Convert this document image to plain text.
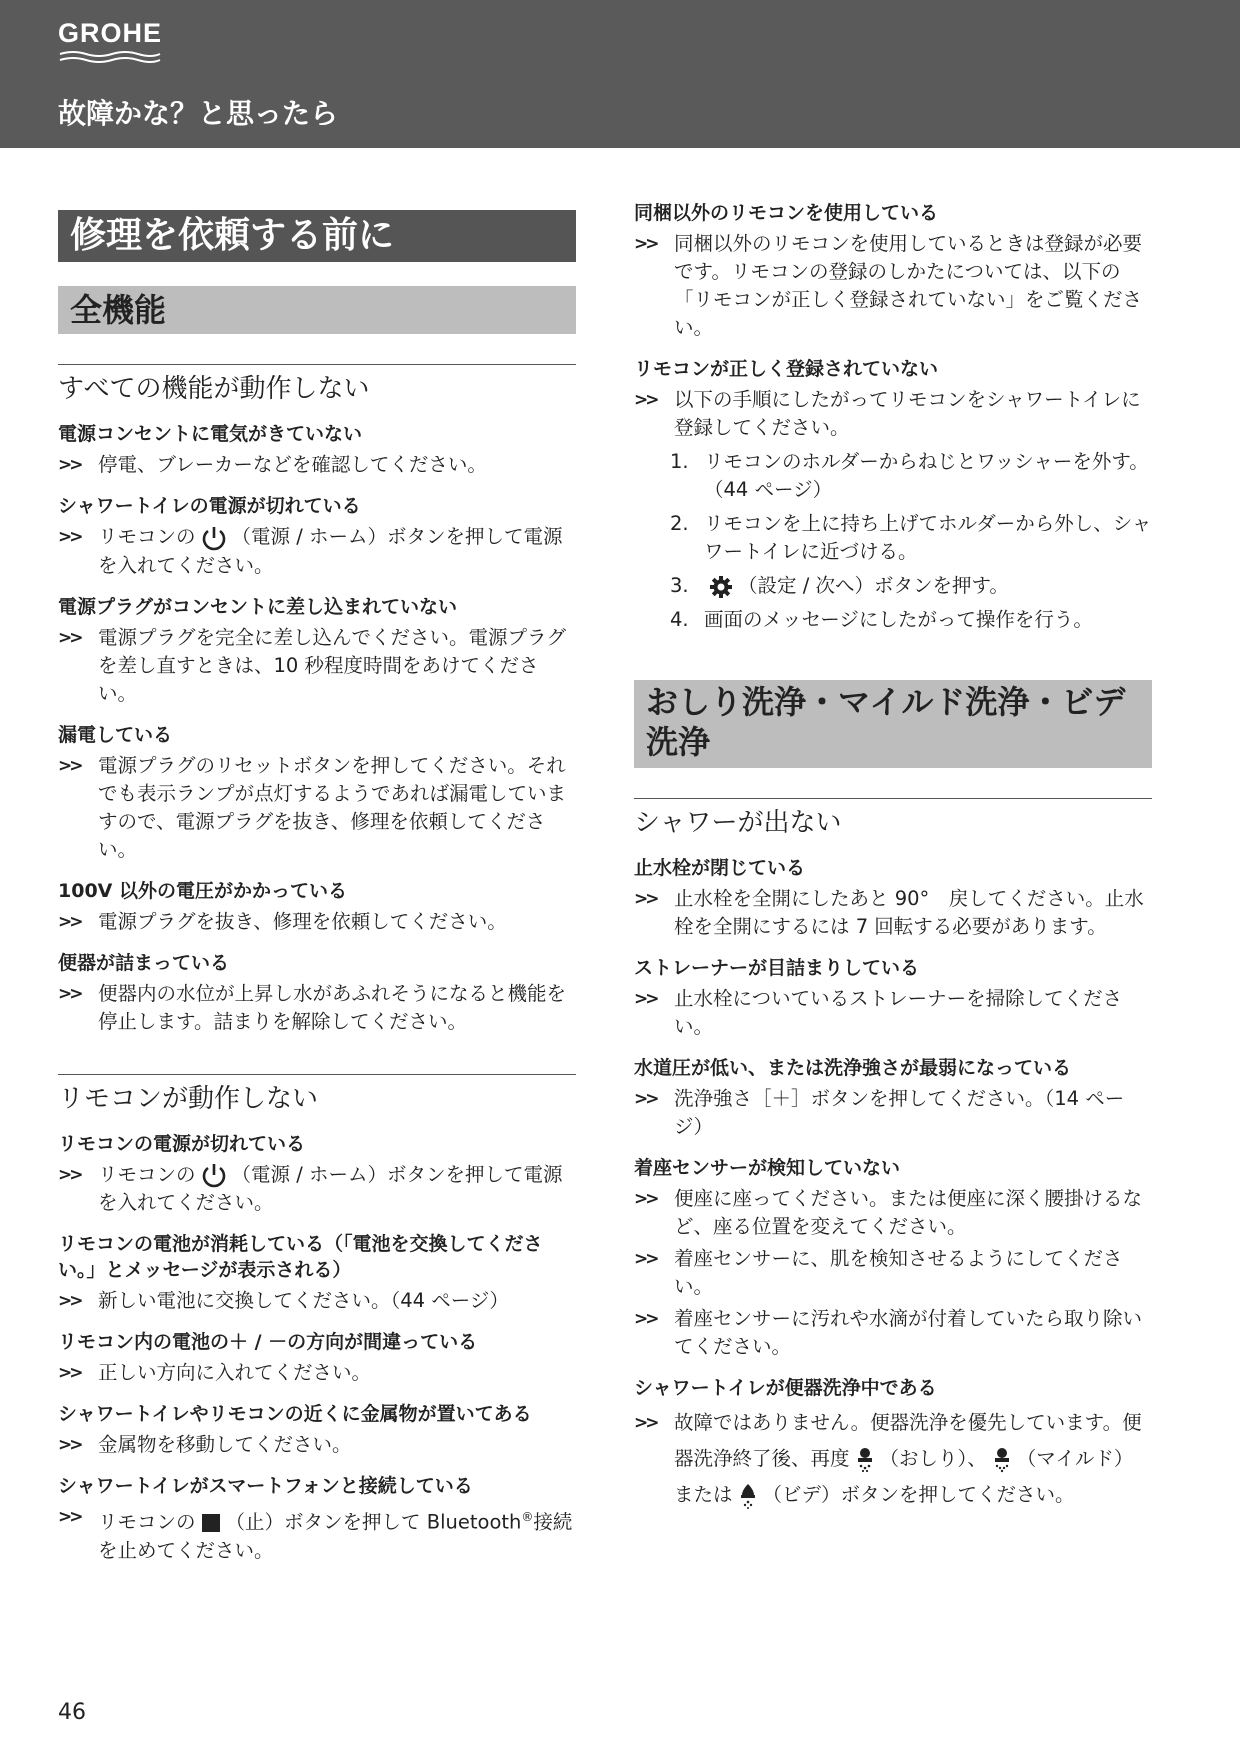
GROHE
故障かな？と思ったら
修理を依頼する前に
全機能
すべての機能が動作しない
電源コンセントに電気がきていない
>> 停電、ブレーカーなどを確認してください。
シャワートイレの電源が切れている
>> リモコンの （電源 / ホーム）ボタンを押して電源を入れてください。
電源プラグがコンセントに差し込まれていない
>> 電源プラグを完全に差し込んでください。電源プラグを差し直すときは、10 秒程度時間をあけてください。
漏電している
>> 電源プラグのリセットボタンを押してください。それでも表示ランプが点灯するようであれば漏電していますので、電源プラグを抜き、修理を依頼してください。
100V 以外の電圧がかかっている
>> 電源プラグを抜き、修理を依頼してください。
便器が詰まっている
>> 便器内の水位が上昇し水があふれそうになると機能を停止します。詰まりを解除してください。
リモコンが動作しない
リモコンの電源が切れている
>> リモコンの （電源 / ホーム）ボタンを押して電源を入れてください。
リモコンの電池が消耗している（「電池を交換してください。」とメッセージが表示される）
>> 新しい電池に交換してください。（44 ページ）
リモコン内の電池の＋ / －の方向が間違っている
>> 正しい方向に入れてください。
シャワートイレやリモコンの近くに金属物が置いてある
>> 金属物を移動してください。
シャワートイレがスマートフォンと接続している
>> リモコンの （止）ボタンを押して Bluetooth®接続を止めてください。
同梱以外のリモコンを使用している
>> 同梱以外のリモコンを使用しているときは登録が必要です。リモコンの登録のしかたについては、以下の「リモコンが正しく登録されていない」をご覧ください。
リモコンが正しく登録されていない
>> 以下の手順にしたがってリモコンをシャワートイレに登録してください。
1. リモコンのホルダーからねじとワッシャーを外す。（44 ページ）
2. リモコンを上に持ち上げてホルダーから外し、シャワートイレに近づける。
3.	（設定 / 次へ）ボタンを押す。
4. 画面のメッセージにしたがって操作を行う。
おしり洗浄・マイルド洗浄・ビデ洗浄
シャワーが出ない
止水栓が閉じている
>> 止水栓を全開にしたあと 90°　戻してください。止水栓を全開にするには 7 回転する必要があります。
ストレーナーが目詰まりしている
>> 止水栓についているストレーナーを掃除してください。
水道圧が低い、または洗浄強さが最弱になっている
>> 洗浄強さ［＋］ボタンを押してください。（14 ページ）
着座センサーが検知していない
>> 便座に座ってください。または便座に深く腰掛けるなど、座る位置を変えてください。
>> 着座センサーに、肌を検知させるようにしてください。
>> 着座センサーに汚れや水滴が付着していたら取り除いてください。
シャワートイレが便器洗浄中である
>> 故障ではありません。便器洗浄を優先しています。便器洗浄終了後、再度 （おしり）、 （マイルド）または （ビデ）ボタンを押してください。
46
